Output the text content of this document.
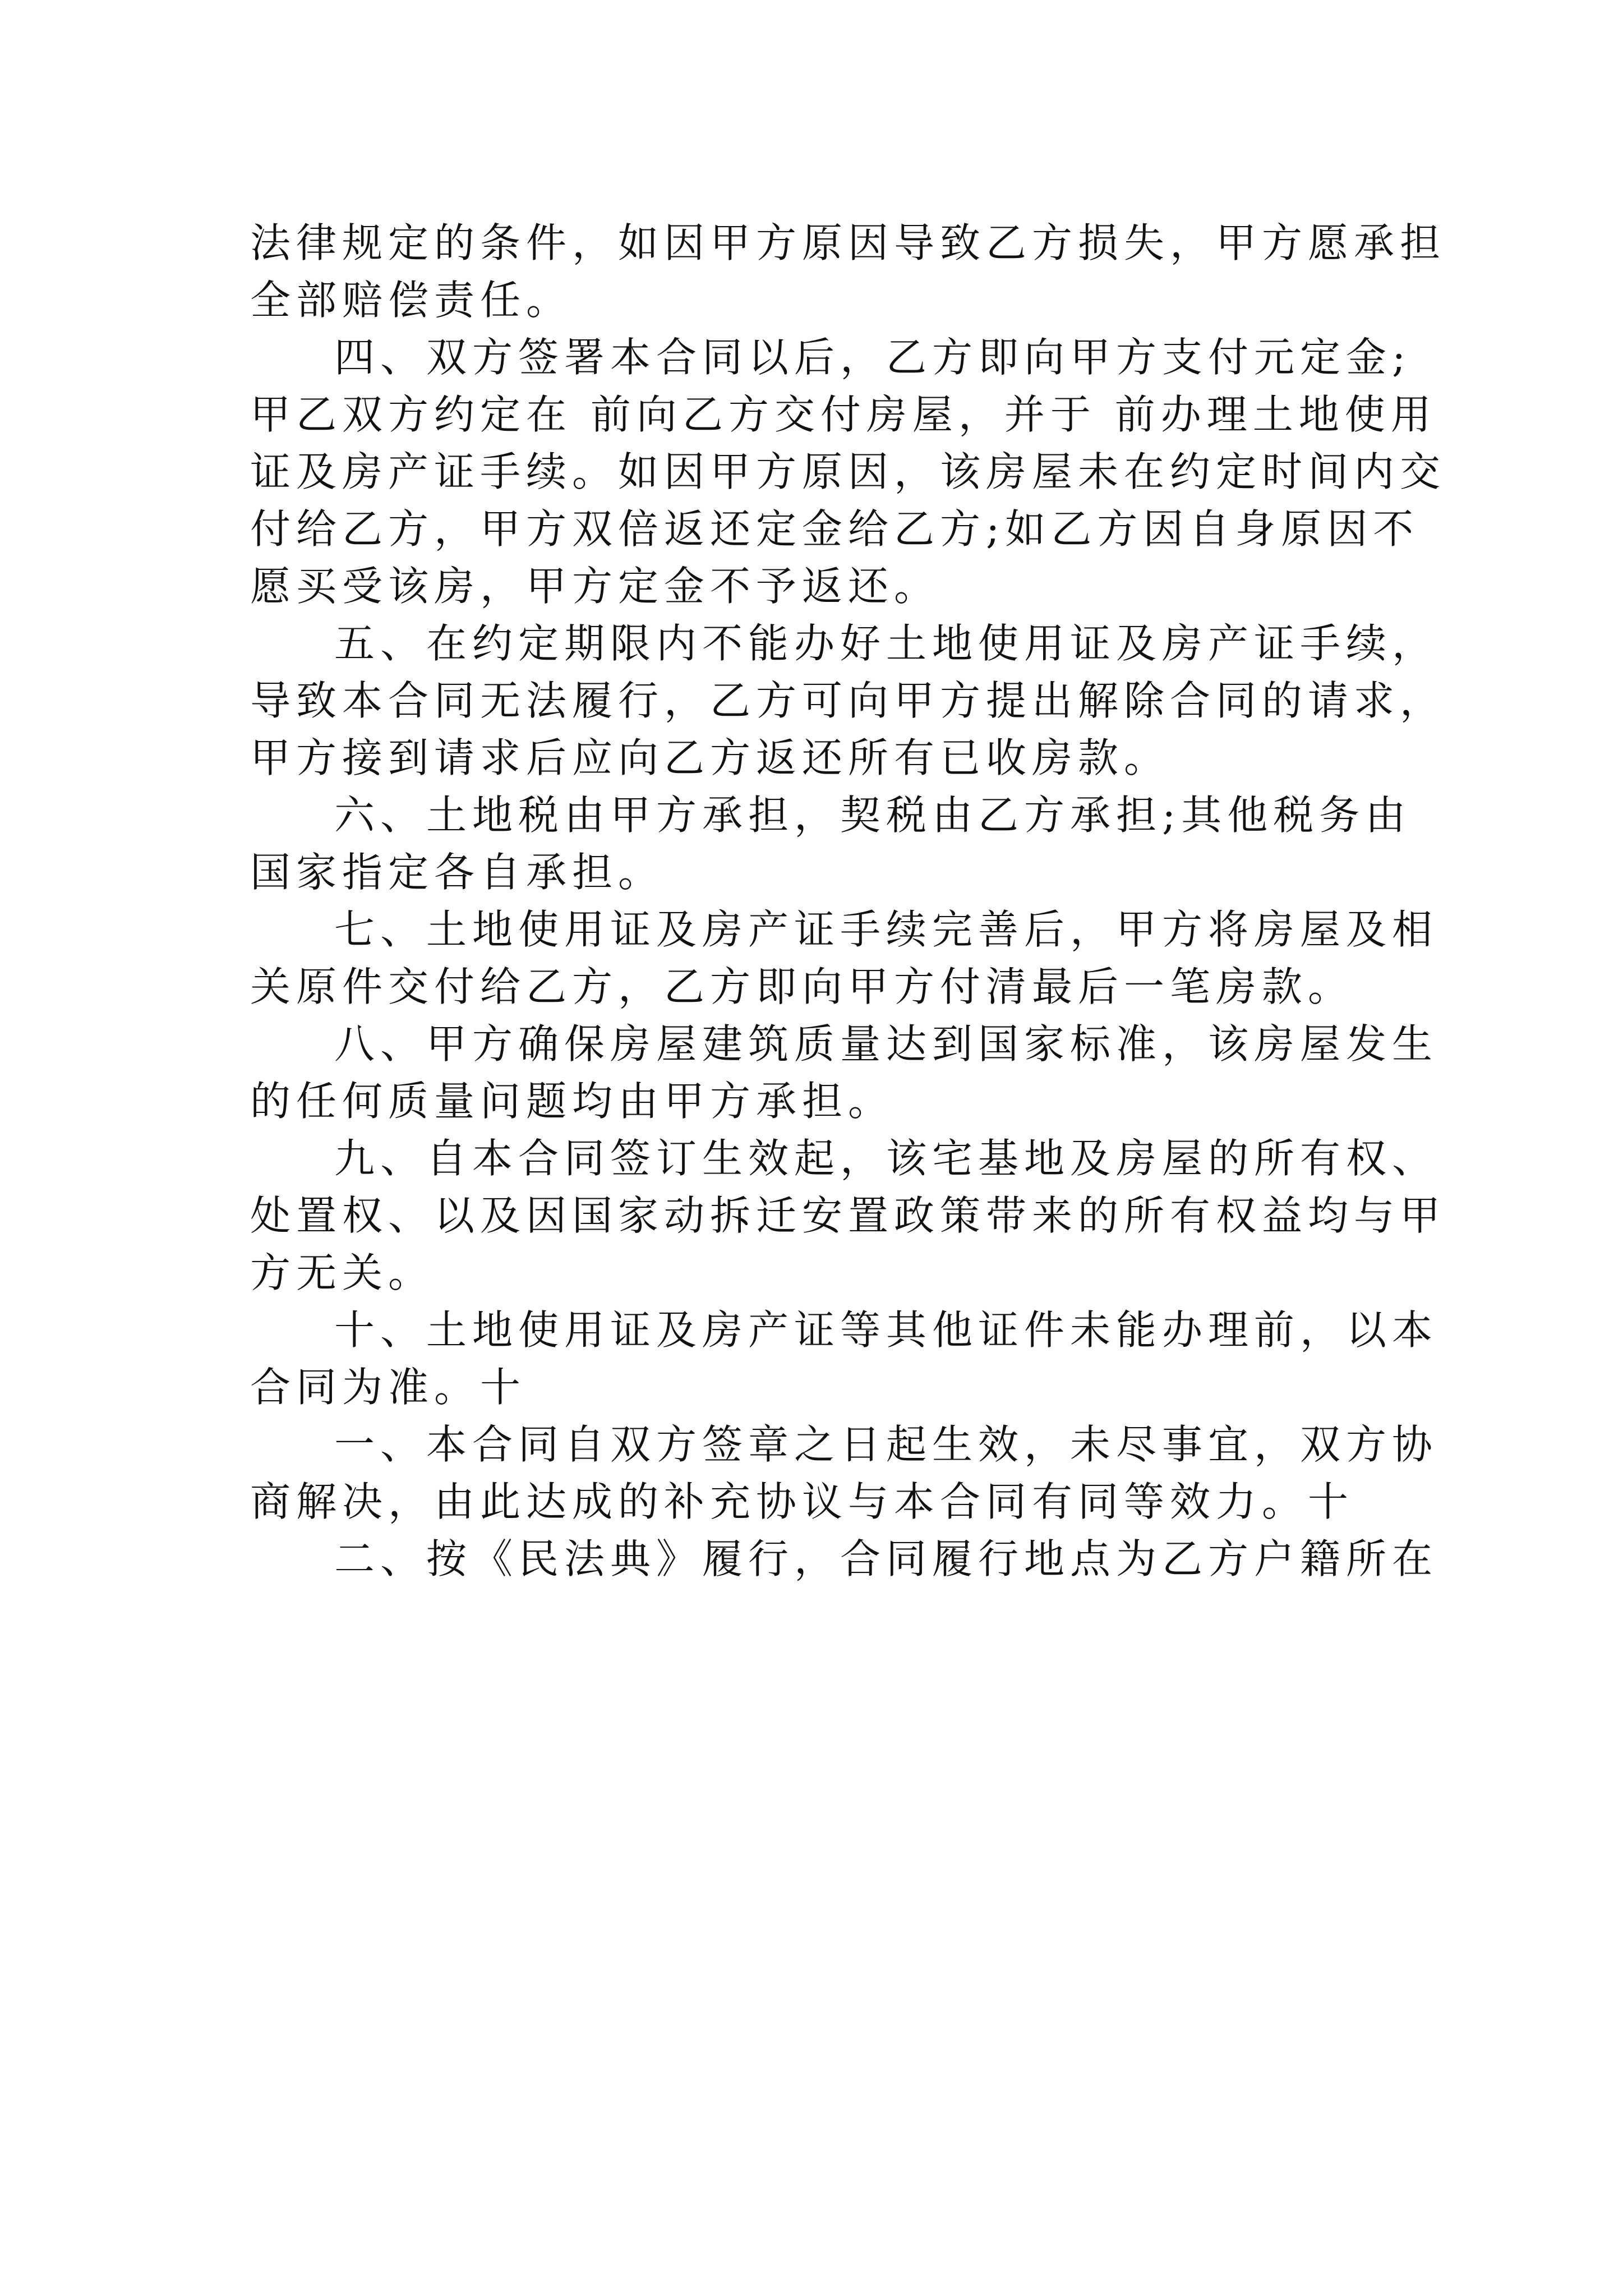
法律规定的条件，如因甲方原因导致乙方损失，甲方愿承担
全部赔偿责任。
四、双方签署本合同以后，乙方即向甲方支付元定金;
甲乙双方约定在 前向乙方交付房屋，并于 前办理土地使用
证及房产证手续。如因甲方原因，该房屋未在约定时间内交
付给乙方，甲方双倍返还定金给乙方;如乙方因自身原因不
愿买受该房，甲方定金不予返还。
五、在约定期限内不能办好土地使用证及房产证手续，
导致本合同无法履行，乙方可向甲方提出解除合同的请求，
甲方接到请求后应向乙方返还所有已收房款。
六、土地税由甲方承担，契税由乙方承担;其他税务由
国家指定各自承担。
七、土地使用证及房产证手续完善后，甲方将房屋及相
关原件交付给乙方，乙方即向甲方付清最后一笔房款。
八、甲方确保房屋建筑质量达到国家标准，该房屋发生
的任何质量问题均由甲方承担。
九、自本合同签订生效起，该宅基地及房屋的所有权、
处置权、以及因国家动拆迁安置政策带来的所有权益均与甲
方无关。
十、土地使用证及房产证等其他证件未能办理前，以本
合同为准。十
一、本合同自双方签章之日起生效，未尽事宜，双方协
商解决，由此达成的补充协议与本合同有同等效力。十
二、按《民法典》履行，合同履行地点为乙方户籍所在
